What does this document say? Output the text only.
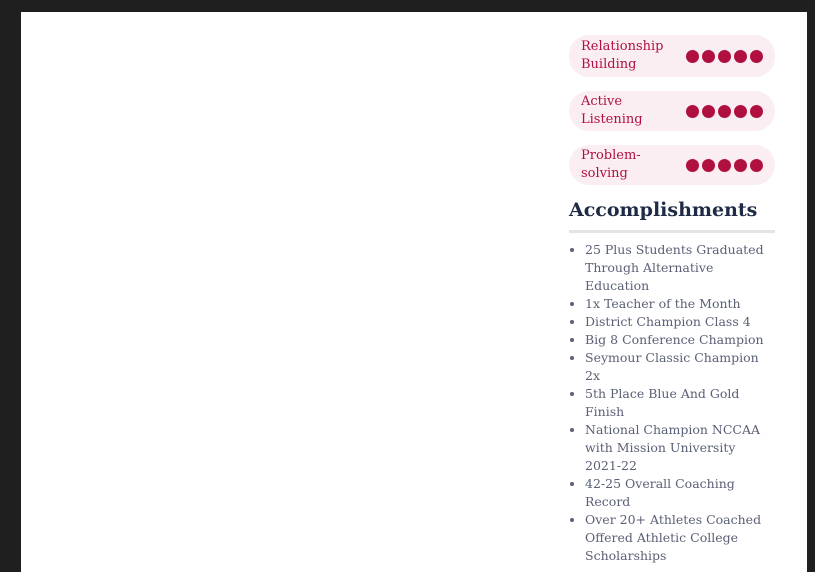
Relationship Building
Active Listening
Problem-solving
Accomplishments
• 25 Plus Students Graduated Through Alternative Education
• 1x Teacher of the Month
• District Champion Class 4
• Big 8 Conference Champion
• Seymour Classic Champion 2x
• 5th Place Blue And Gold Finish
• National Champion NCCAA with Mission University 2021-22
• 42-25 Overall Coaching Record
• Over 20+ Athletes Coached Offered Athletic College Scholarships
